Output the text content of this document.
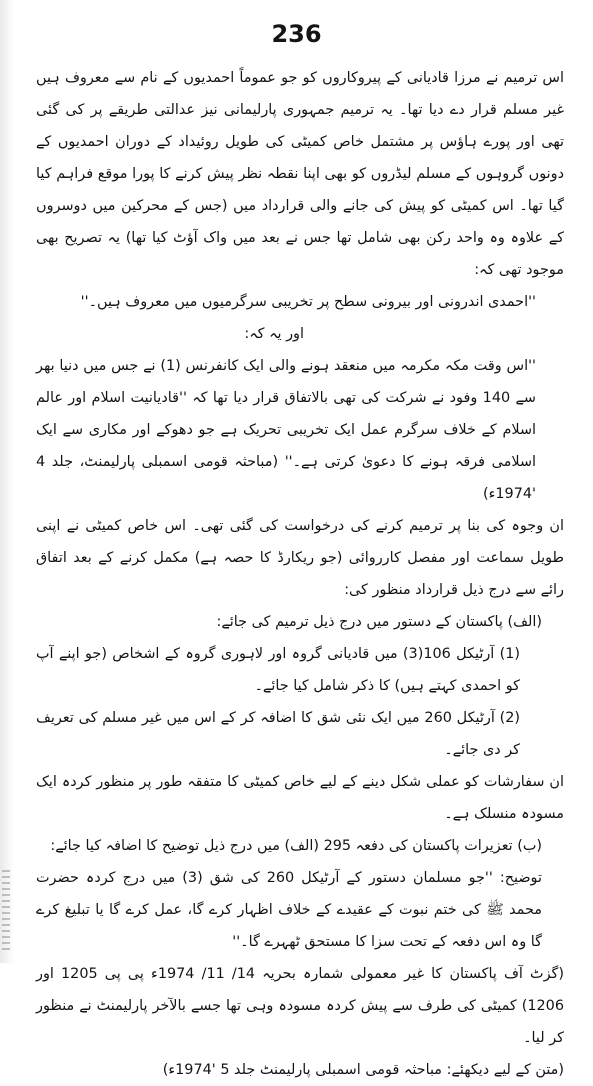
236

اس ترمیم نے مرزا قادیانی کے پیروکاروں کو جو عموماً احمدیوں کے نام سے معروف ہیں غیر مسلم قرار دے دیا تھا۔ یہ ترمیم جمہوری پارلیمانی نیز عدالتی طریقے پر کی گئی تھی اور پورے ہاؤس پر مشتمل خاص کمیٹی کی طویل روئیداد کے دوران احمدیوں کے دونوں گروہوں کے مسلم لیڈروں کو بھی اپنا نقطہ نظر پیش کرنے کا پورا موقع فراہم کیا گیا تھا۔ اس کمیٹی کو پیش کی جانے والی قرارداد میں (جس کے محرکین میں دوسروں کے علاوہ وہ واحد رکن بھی شامل تھا جس نے بعد میں واک آؤٹ کیا تھا) یہ تصریح بھی موجود تھی کہ:

''احمدی اندرونی اور بیرونی سطح پر تخریبی سرگرمیوں میں معروف ہیں۔''

اور یہ کہ:

''اس وقت مکہ مکرمہ میں منعقد ہونے والی ایک کانفرنس (1) نے جس میں دنیا بھر سے 140 وفود نے شرکت کی تھی بالاتفاق قرار دیا تھا کہ ''قادیانیت اسلام اور عالم اسلام کے خلاف سرگرم عمل ایک تخریبی تحریک ہے جو دھوکے اور مکاری سے ایک اسلامی فرقہ ہونے کا دعویٰ کرتی ہے۔'' (مباحثہ قومی اسمبلی پارلیمنٹ، جلد 4 '1974ء)

ان وجوہ کی بنا پر ترمیم کرنے کی درخواست کی گئی تھی۔ اس خاص کمیٹی نے اپنی طویل سماعت اور مفصل کارروائی (جو ریکارڈ کا حصہ ہے) مکمل کرنے کے بعد اتفاق رائے سے درج ذیل قرارداد منظور کی:

(الف) پاکستان کے دستور میں درج ذیل ترمیم کی جائے:

(1) آرٹیکل 106(3) میں قادیانی گروہ اور لاہوری گروہ کے اشخاص (جو اپنے آپ کو احمدی کہتے ہیں) کا ذکر شامل کیا جائے۔

(2) آرٹیکل 260 میں ایک نئی شق کا اضافہ کر کے اس میں غیر مسلم کی تعریف کر دی جائے۔

ان سفارشات کو عملی شکل دینے کے لیے خاص کمیٹی کا متفقہ طور پر منظور کردہ ایک مسودہ منسلک ہے۔

(ب) تعزیرات پاکستان کی دفعہ 295 (الف) میں درج ذیل توضیح کا اضافہ کیا جائے:

توضیح: ''جو مسلمان دستور کے آرٹیکل 260 کی شق (3) میں درج کردہ حضرت محمد ﷺ کی ختم نبوت کے عقیدے کے خلاف اظہار کرے گا، عمل کرے گا یا تبلیغ کرے گا وہ اس دفعہ کے تحت سزا کا مستحق ٹھہرے گا۔''

(گزٹ آف پاکستان کا غیر معمولی شمارہ بحریہ 14/ 11/ 1974ء پی پی 1205 اور 1206) کمیٹی کی طرف سے پیش کردہ مسودہ وہی تھا جسے بالآخر پارلیمنٹ نے منظور کر لیا۔

(متن کے لیے دیکھئے: مباحثہ قومی اسمبلی پارلیمنٹ جلد 5 '1974ء)
